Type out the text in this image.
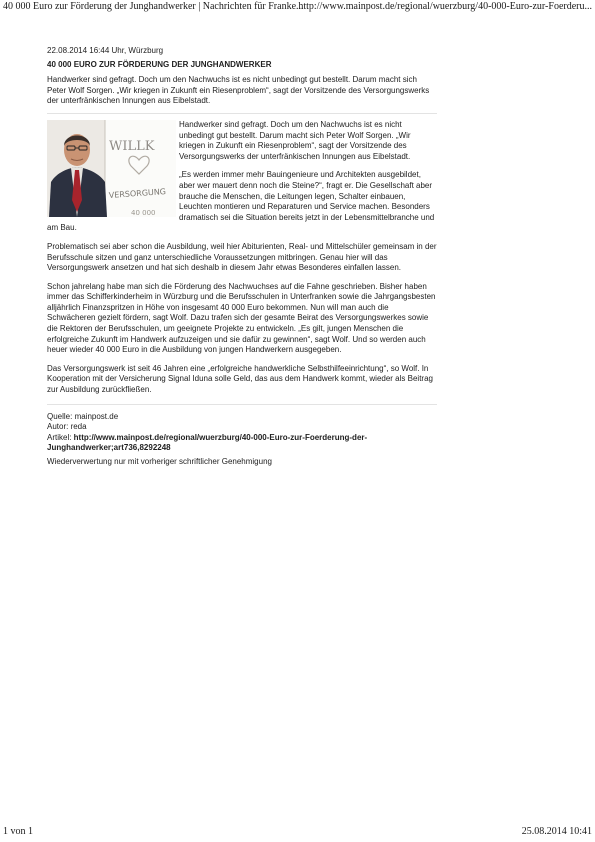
40 000 Euro zur Förderung der Junghandwerker | Nachrichten für Franke...
http://www.mainpost.de/regional/wuerzburg/40-000-Euro-zur-Foerderu...
22.08.2014 16:44 Uhr, Würzburg
40 000 EURO ZUR FÖRDERUNG DER JUNGHANDWERKER
Handwerker sind gefragt. Doch um den Nachwuchs ist es nicht unbedingt gut bestellt. Darum macht sich Peter Wolf Sorgen. „Wir kriegen in Zukunft ein Riesenproblem“, sagt der Vorsitzende des Versorgungswerks der unterfränkischen Innungen aus Eibelstadt.
WILLK
VERSORGUNG
40 000

Handwerker sind gefragt. Doch um den Nachwuchs ist es nicht unbedingt gut bestellt. Darum macht sich Peter Wolf Sorgen. „Wir kriegen in Zukunft ein Riesenproblem“, sagt der Vorsitzende des Versorgungswerks der unterfränkischen Innungen aus Eibelstadt.

„Es werden immer mehr Bauingenieure und Architekten ausgebildet, aber wer mauert denn noch die Steine?“, fragt er. Die Gesellschaft aber brauche die Menschen, die Leitungen legen, Schalter einbauen, Leuchten montieren und Reparaturen und Service machen. Besonders dramatisch sei die Situation bereits jetzt in der Lebensmittelbranche und am Bau.

Problematisch sei aber schon die Ausbildung, weil hier Abiturienten, Real- und Mittelschüler gemeinsam in der Berufsschule sitzen und ganz unterschiedliche Voraussetzungen mitbringen. Genau hier will das Versorgungswerk ansetzen und hat sich deshalb in diesem Jahr etwas Besonderes einfallen lassen.

Schon jahrelang habe man sich die Förderung des Nachwuchses auf die Fahne geschrieben. Bisher haben immer das Schifferkinderheim in Würzburg und die Berufsschulen in Unterfranken sowie die Jahrgangsbesten alljährlich Finanzspritzen in Höhe von insgesamt 40 000 Euro bekommen. Nun will man auch die Schwächeren gezielt fördern, sagt Wolf. Dazu trafen sich der gesamte Beirat des Versorgungswerkes sowie die Rektoren der Berufsschulen, um geeignete Projekte zu entwickeln. „Es gilt, jungen Menschen die erfolgreiche Zukunft im Handwerk aufzuzeigen und sie dafür zu gewinnen“, sagt Wolf. Und so werden auch heuer wieder 40 000 Euro in die Ausbildung von jungen Handwerkern ausgegeben.

Das Versorgungswerk ist seit 46 Jahren eine „erfolgreiche handwerkliche Selbsthilfeeinrichtung“, so Wolf. In Kooperation mit der Versicherung Signal Iduna solle Geld, das aus dem Handwerk kommt, wieder als Beitrag zur Ausbildung zurückfließen.

Quelle: mainpost.de
Autor: reda
Artikel: http://www.mainpost.de/regional/wuerzburg/40-000-Euro-zur-Foerderung-der-Junghandwerker;art736,8292248
Wiederverwertung nur mit vorheriger schriftlicher Genehmigung
1 von 1	25.08.2014 10:41
